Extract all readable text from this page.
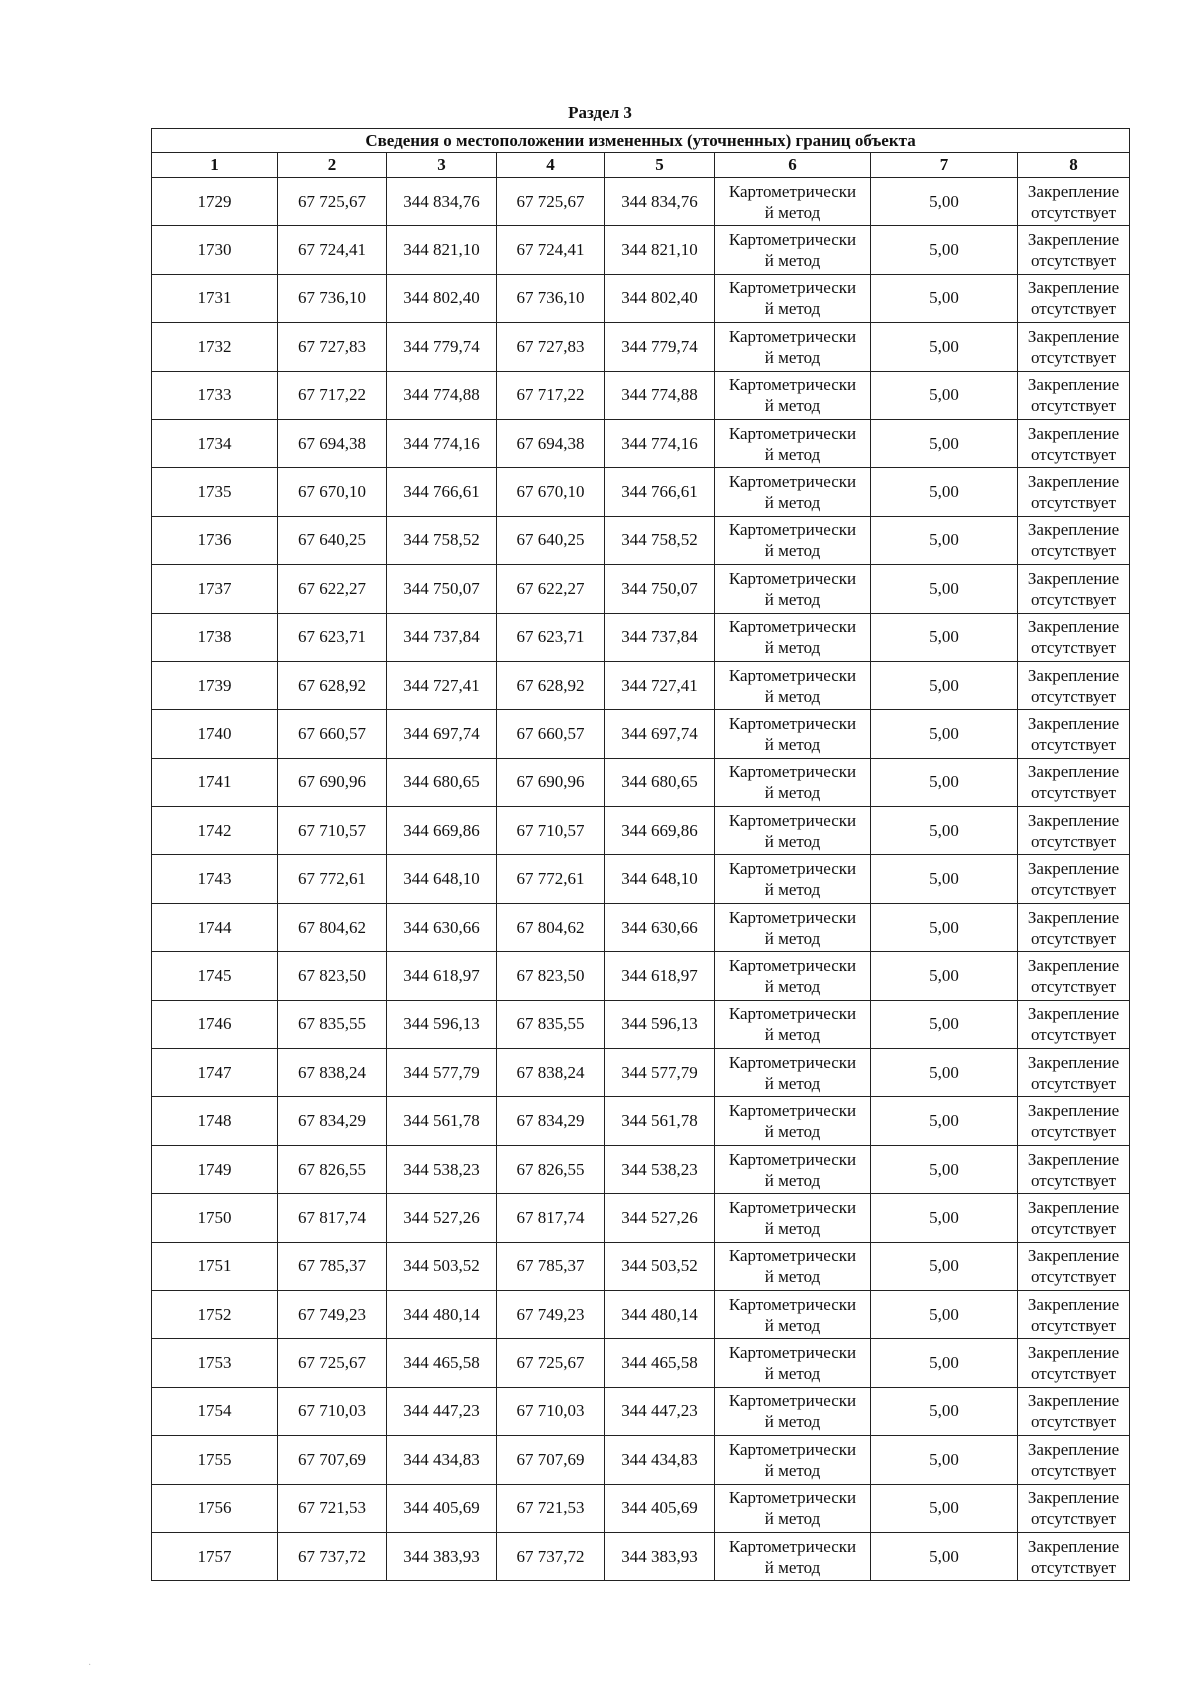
Раздел 3
Сведения о местоположении измененных (уточненных) границ объекта							
1	2	3	4	5	6	7	8
1729	67 725,67	344 834,76	67 725,67	344 834,76	Картометрически
й метод	5,00	Закрепление
отсутствует

1730	67 724,41	344 821,10	67 724,41	344 821,10	Картометрически
й метод	5,00	Закрепление
отсутствует

1731	67 736,10	344 802,40	67 736,10	344 802,40	Картометрически
й метод	5,00	Закрепление
отсутствует

1732	67 727,83	344 779,74	67 727,83	344 779,74	Картометрически
й метод	5,00	Закрепление
отсутствует

1733	67 717,22	344 774,88	67 717,22	344 774,88	Картометрически
й метод	5,00	Закрепление
отсутствует

1734	67 694,38	344 774,16	67 694,38	344 774,16	Картометрически
й метод	5,00	Закрепление
отсутствует

1735	67 670,10	344 766,61	67 670,10	344 766,61	Картометрически
й метод	5,00	Закрепление
отсутствует

1736	67 640,25	344 758,52	67 640,25	344 758,52	Картометрически
й метод	5,00	Закрепление
отсутствует

1737	67 622,27	344 750,07	67 622,27	344 750,07	Картометрически
й метод	5,00	Закрепление
отсутствует

1738	67 623,71	344 737,84	67 623,71	344 737,84	Картометрически
й метод	5,00	Закрепление
отсутствует

1739	67 628,92	344 727,41	67 628,92	344 727,41	Картометрически
й метод	5,00	Закрепление
отсутствует

1740	67 660,57	344 697,74	67 660,57	344 697,74	Картометрически
й метод	5,00	Закрепление
отсутствует

1741	67 690,96	344 680,65	67 690,96	344 680,65	Картометрически
й метод	5,00	Закрепление
отсутствует

1742	67 710,57	344 669,86	67 710,57	344 669,86	Картометрически
й метод	5,00	Закрепление
отсутствует

1743	67 772,61	344 648,10	67 772,61	344 648,10	Картометрически
й метод	5,00	Закрепление
отсутствует

1744	67 804,62	344 630,66	67 804,62	344 630,66	Картометрически
й метод	5,00	Закрепление
отсутствует

1745	67 823,50	344 618,97	67 823,50	344 618,97	Картометрически
й метод	5,00	Закрепление
отсутствует

1746	67 835,55	344 596,13	67 835,55	344 596,13	Картометрически
й метод	5,00	Закрепление
отсутствует

1747	67 838,24	344 577,79	67 838,24	344 577,79	Картометрически
й метод	5,00	Закрепление
отсутствует

1748	67 834,29	344 561,78	67 834,29	344 561,78	Картометрически
й метод	5,00	Закрепление
отсутствует

1749	67 826,55	344 538,23	67 826,55	344 538,23	Картометрически
й метод	5,00	Закрепление
отсутствует

1750	67 817,74	344 527,26	67 817,74	344 527,26	Картометрически
й метод	5,00	Закрепление
отсутствует

1751	67 785,37	344 503,52	67 785,37	344 503,52	Картометрически
й метод	5,00	Закрепление
отсутствует

1752	67 749,23	344 480,14	67 749,23	344 480,14	Картометрически
й метод	5,00	Закрепление
отсутствует

1753	67 725,67	344 465,58	67 725,67	344 465,58	Картометрически
й метод	5,00	Закрепление
отсутствует

1754	67 710,03	344 447,23	67 710,03	344 447,23	Картометрически
й метод	5,00	Закрепление
отсутствует

1755	67 707,69	344 434,83	67 707,69	344 434,83	Картометрически
й метод	5,00	Закрепление
отсутствует

1756	67 721,53	344 405,69	67 721,53	344 405,69	Картометрически
й метод	5,00	Закрепление
отсутствует

1757	67 737,72	344 383,93	67 737,72	344 383,93	Картометрически
й метод	5,00	Закрепление
отсутствует
·
